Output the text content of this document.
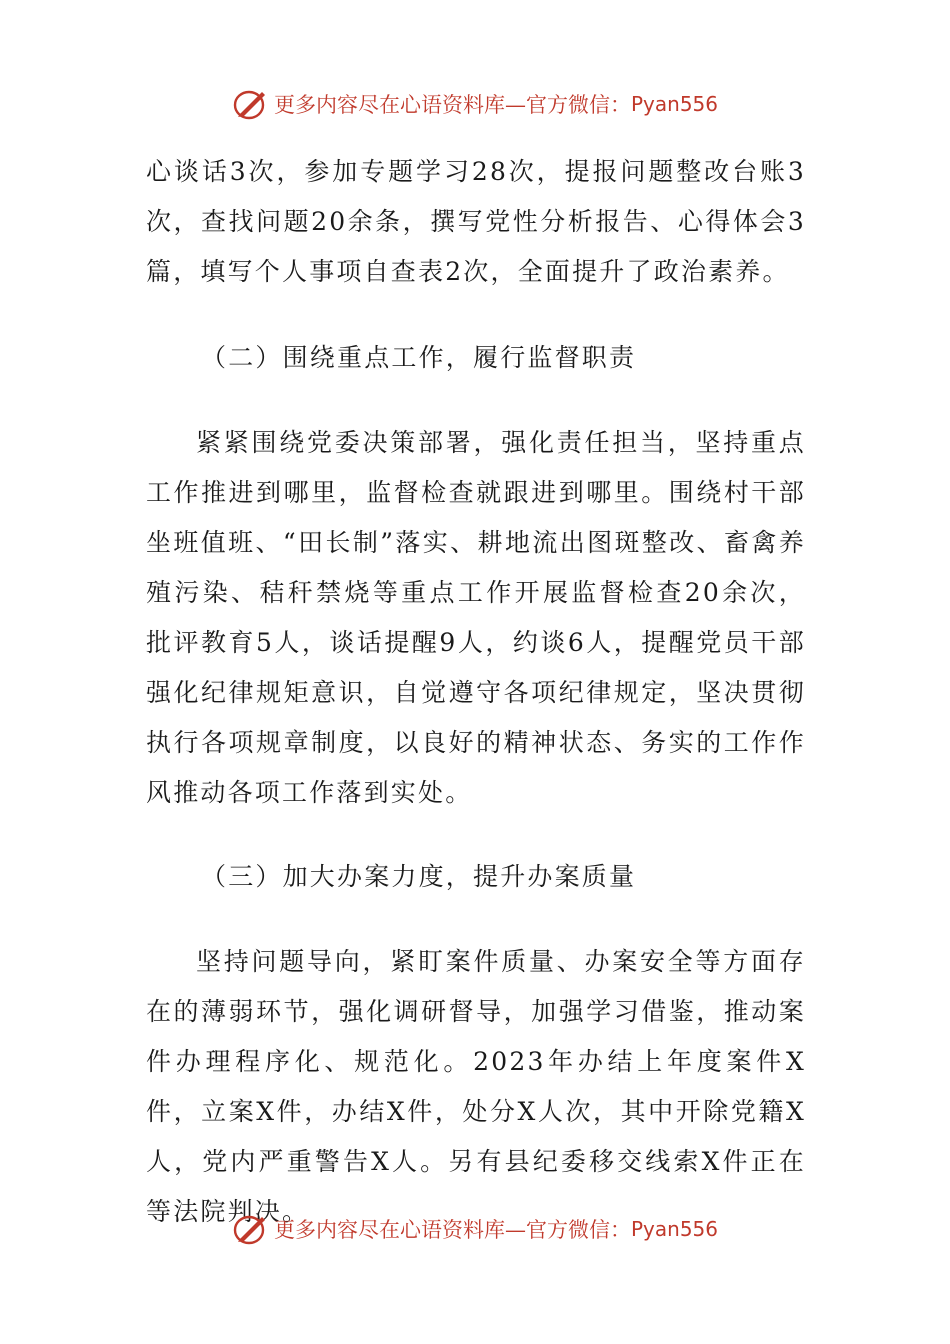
更多内容尽在心语资料库—官方微信： Pyan556

心谈话3次，参加专题学习28次，提报问题整改台账3次，查找问题20余条，撰写党性分析报告、心得体会3篇，填写个人事项自查表2次，全面提升了政治素养。

（二）围绕重点工作，履行监督职责

紧紧围绕党委决策部署，强化责任担当，坚持重点工作推进到哪里，监督检查就跟进到哪里。围绕村干部坐班值班、“田长制”落实、耕地流出图斑整改、畜禽养殖污染、秸秆禁烧等重点工作开展监督检查20余次，批评教育5人，谈话提醒9人，约谈6人，提醒党员干部强化纪律规矩意识，自觉遵守各项纪律规定，坚决贯彻执行各项规章制度，以良好的精神状态、务实的工作作风推动各项工作落到实处。

（三）加大办案力度，提升办案质量

坚持问题导向，紧盯案件质量、办案安全等方面存在的薄弱环节，强化调研督导，加强学习借鉴，推动案件办理程序化、规范化。2023年办结上年度案件X件，立案X件，办结X件，处分X人次，其中开除党籍X人，党内严重警告X人。另有县纪委移交线索X件正在等法院判决。

更多内容尽在心语资料库—官方微信： Pyan556
